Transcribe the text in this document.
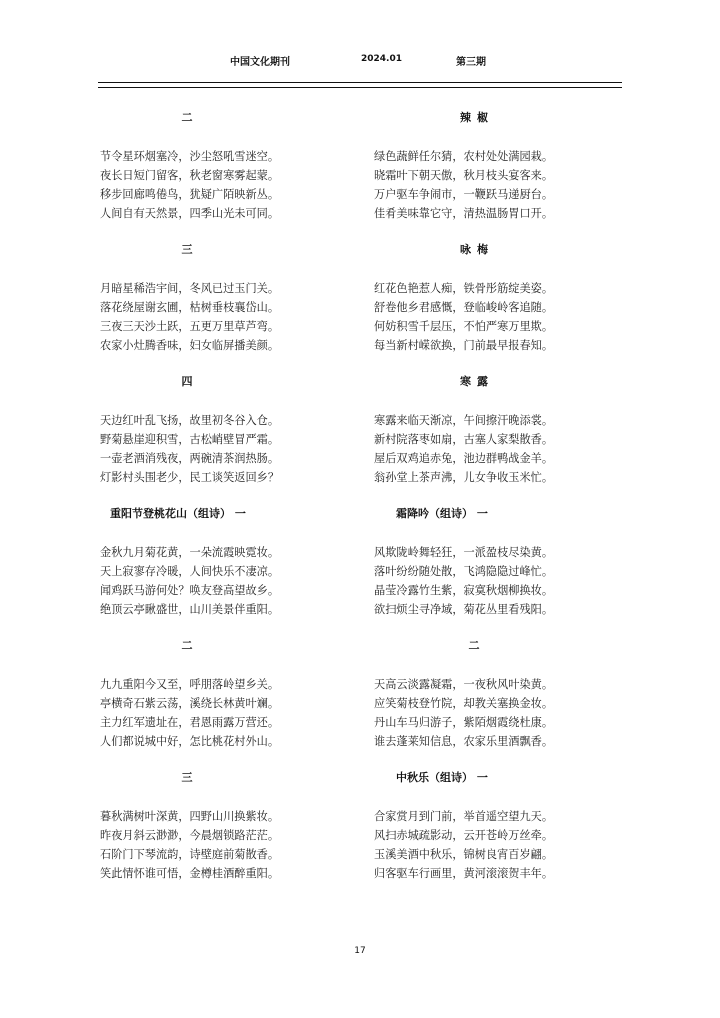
中国文化期刊	2024.01	第三期
二
节令星环烟塞冷，沙尘怒吼雪迷空。
夜长日短门留客，秋老窗寒雾起蒙。
移步回廊鸣倦鸟，犹疑广陌映新丛。
人间自有天然景，四季山光未可同。
三
月暗星稀浩宇间，冬风已过玉门关。
落花绕屋谢玄圃，枯树垂枝襄岱山。
三夜三天沙土跃，五更万里草芦弯。
农家小灶腾香味，妇女临屏播美颜。
四
天边红叶乱飞扬，故里初冬谷入仓。
野菊悬崖迎积雪，古松峭壁冒严霜。
一壶老酒消残夜，两碗清茶润热肠。
灯影村头围老少，民工谈笑返回乡？
重阳节登桃花山（组诗） 一
金秋九月菊花黄，一朵流霞映霓妆。
天上寂寥存冷暖，人间快乐不凄凉。
闻鸡跃马游何处？唤友登高望故乡。
绝顶云亭瞅盛世，山川美景伴重阳。
二
九九重阳今又至，呼朋落岭望乡关。
亭横奇石紫云荡，溪绕长林黄叶斓。
主力红军遗址在，君恩雨露万营还。
人们都说城中好，怎比桃花村外山。
三
暮秋满树叶深黄，四野山川换紫妆。
昨夜月斜云渺渺，今晨烟锁路茫茫。
石阶门下琴流韵，诗壁庭前菊散香。
笑此情怀谁可悟，金樽桂酒醉重阳。
辣椒
绿色蔬鲜任尔猜，农村处处满园栽。
晓霜叶下朝天傲，秋月枝头宴客来。
万户驱车争闹市，一鞭跃马递厨台。
佳肴美味靠它守，清热温肠胃口开。
咏梅
红花色艳惹人痴，铁骨彤筋绽美姿。
舒卷他乡君感慨，登临峻岭客追随。
何妨积雪千层压，不怕严寒万里欺。
每当新村嵘欲换，门前最早报春知。
寒露
寒露来临天渐凉，午间擦汗晚添裳。
新村院落枣如扇，古塞人家梨散香。
屋后双鸡追赤兔，池边群鸭战金羊。
翁孙堂上茶声沸，儿女争收玉米忙。
霜降吟（组诗） 一
风欺陇岭舞轻狂，一派盈枝尽染黄。
落叶纷纷随处散，飞鸿隐隐过峰忙。
晶莹冷露竹生紫，寂寞秋烟柳换妆。
欲扫烦尘寻净域，菊花丛里看残阳。
二
天高云淡露凝霜，一夜秋风叶染黄。
应笑菊枝登竹院，却教关塞换金妆。
丹山车马归游子，紫陌烟霞绕杜康。
谁去蓬莱知信息，农家乐里酒飘香。
中秋乐（组诗） 一
合家赏月到门前，举首遥空望九天。
风扫赤城疏影动，云开苍岭万丝牵。
玉溪美酒中秋乐，锦树良宵百岁翩。
归客驱车行画里，黄河滚滚贺丰年。
17
